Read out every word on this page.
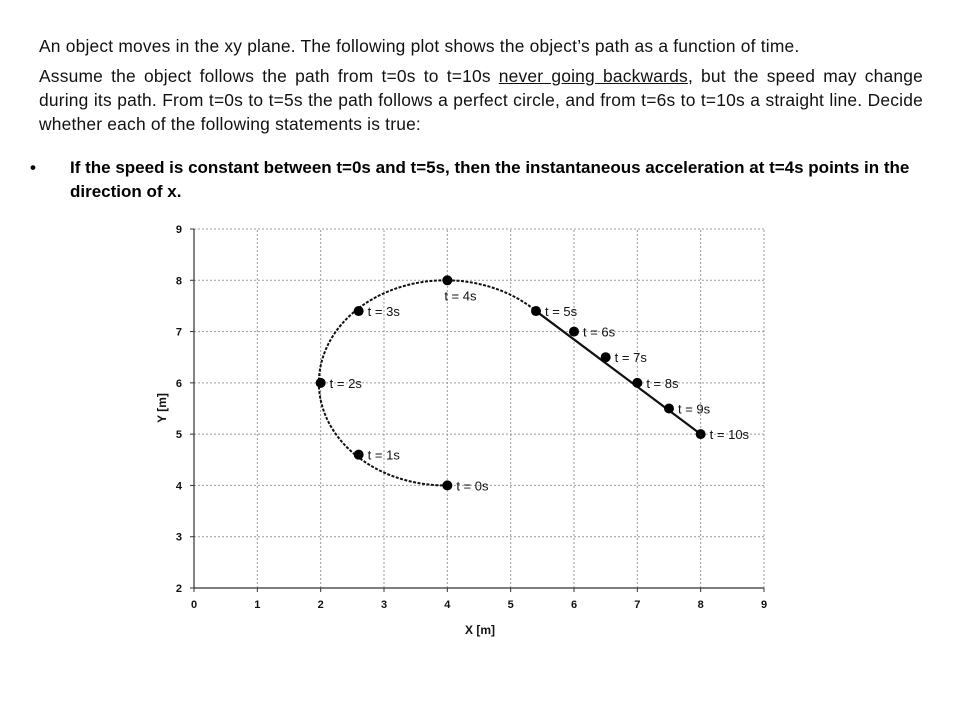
An object moves in the xy plane. The following plot shows the object’s path as a function of time.

Assume the object follows the path from t=0s to t=10s never going backwards, but the speed may change during its path. From t=0s to t=5s the path follows a perfect circle, and from t=6s to t=10s a straight line. Decide whether each of the following statements is true:

• If the speed is constant between t=0s and t=5s, then the instantaneous acceleration at t=4s points in the direction of x.
0	1	2	3	4	5	6	7	8	9
2
3
4
5
6
7
8
9
t = 0s
t = 1s
t = 2s
t = 3s
t = 4s
t = 5s
t = 6s
t = 7s
t = 8s
t = 9s
t = 10s
X [m]
Y [m]
